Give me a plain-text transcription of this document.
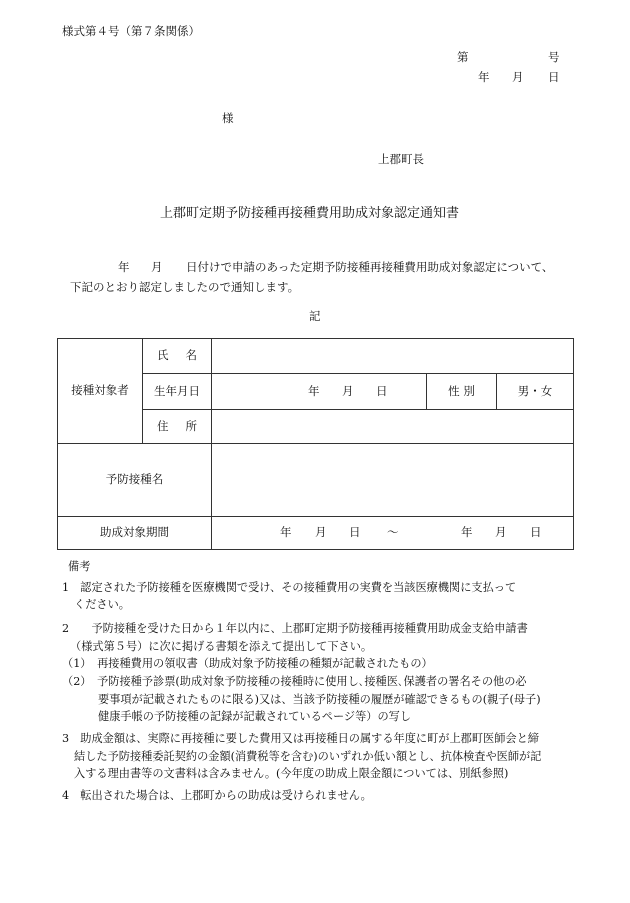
様式第４号（第７条関係）
第	号
年 月 日
様
上郡町長
上郡町定期予防接種再接種費用助成対象認定通知書
年 月 日付けで申請のあった定期予防接種再接種費用助成対象認定について、
下記のとおり認定しましたので通知します。
記
接種対象者
氏 名
生年月日	年 月 日	性 別	男・女
住 所
予防接種名
助成対象期間	年 月 日 ～	年 月 日
備考
1　認定された予防接種を医療機関で受け、その接種費用の実費を当該医療機関に支払って
ください。
2　　予防接種を受けた日から１年以内に、上郡町定期予防接種再接種費用助成金支給申請書
（様式第５号）に次に掲げる書類を添えて提出して下さい。
（1）　再接種費用の領収書（助成対象予防接種の種類が記載されたもの）
（2）　予防接種予診票(助成対象予防接種の接種時に使用し､接種医､保護者の署名その他の必
要事項が記載されたものに限る)又は、当該予防接種の履歴が確認できるもの(親子(母子)
健康手帳の予防接種の記録が記載されているページ等）の写し
3　助成金額は、実際に再接種に要した費用又は再接種日の属する年度に町が上郡町医師会と締
結した予防接種委託契約の金額(消費税等を含む)のいずれか低い額とし、抗体検査や医師が記
入する理由書等の文書料は含みません。(今年度の助成上限金額については、別紙参照)
4　転出された場合は、上郡町からの助成は受けられません。
